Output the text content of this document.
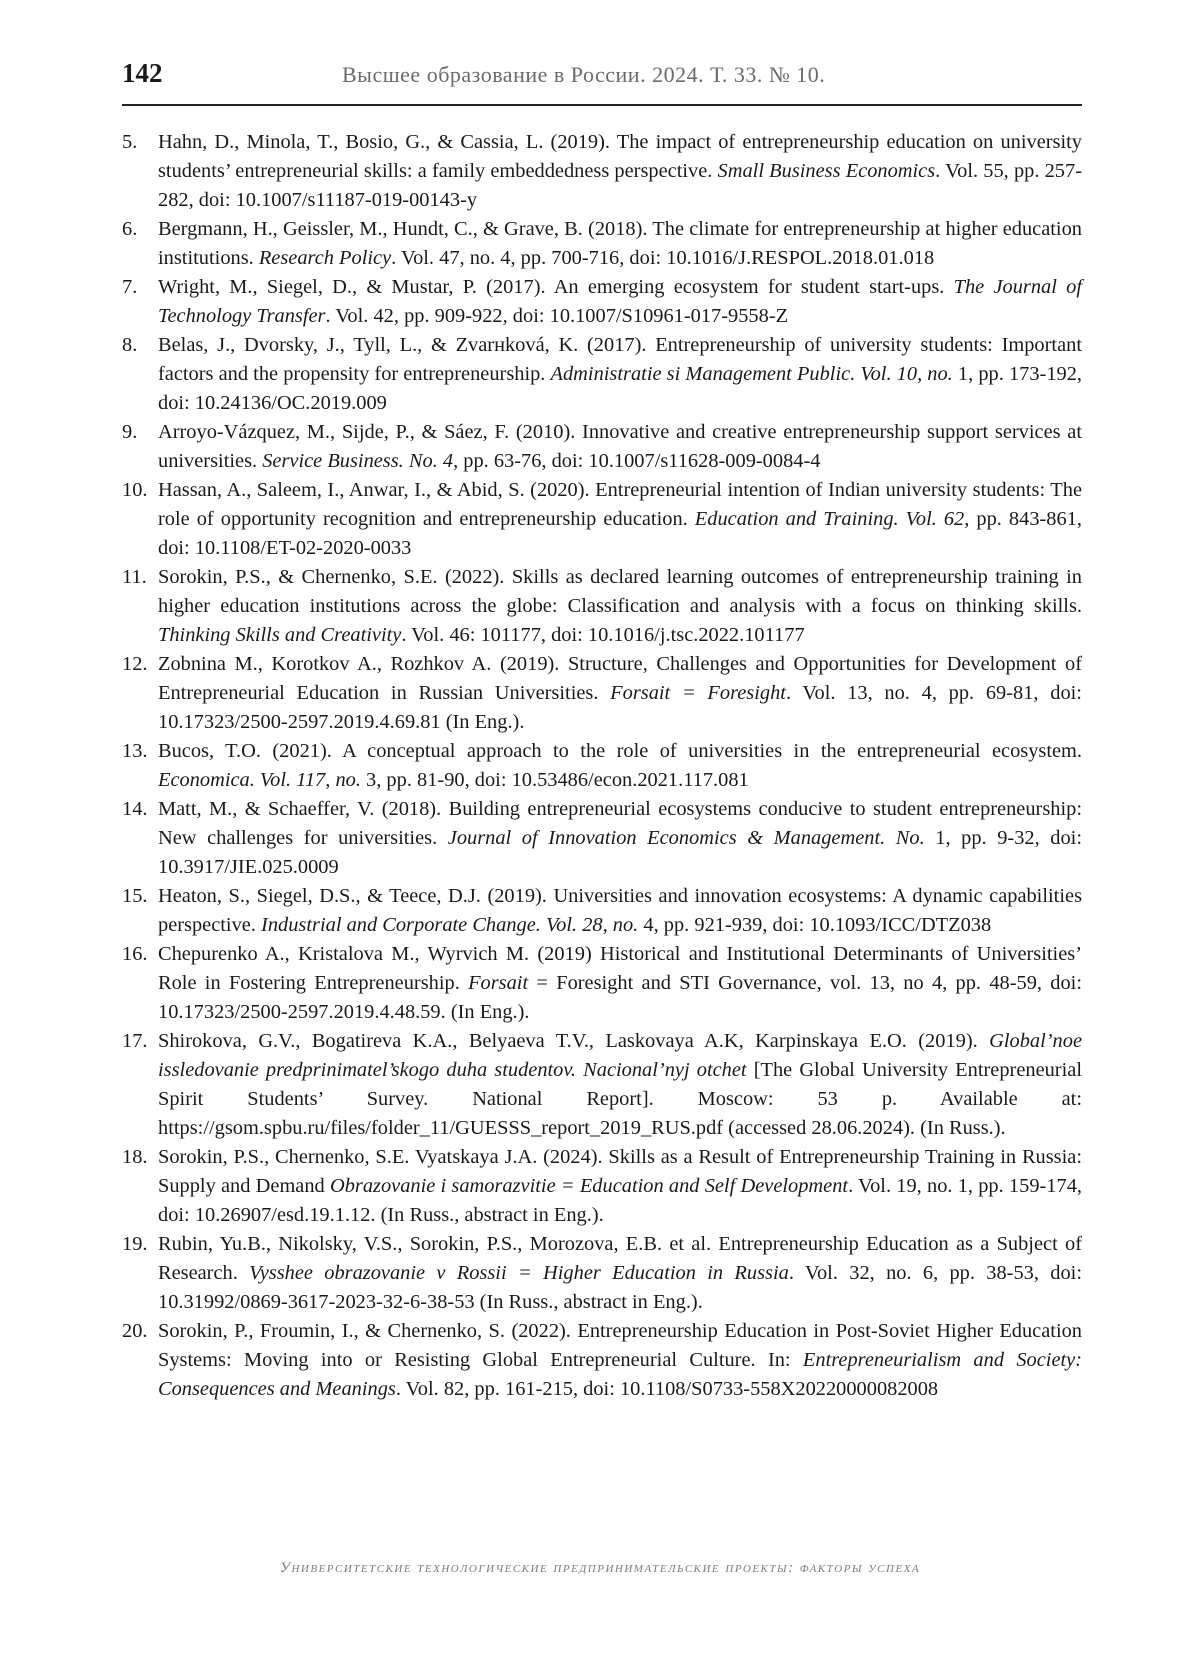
142	Высшее образование в России. 2024. Т. 33. № 10.
5. Hahn, D., Minola, T., Bosio, G., & Cassia, L. (2019). The impact of entrepreneurship education on university students’ entrepreneurial skills: a family embeddedness perspective. Small Business Economics. Vol. 55, pp. 257-282, doi: 10.1007/s11187-019-00143-y
6. Bergmann, H., Geissler, M., Hundt, C., & Grave, B. (2018). The climate for entrepreneurship at higher education institutions. Research Policy. Vol. 47, no. 4, pp. 700-716, doi: 10.1016/J.RESPOL.2018.01.018
7. Wright, M., Siegel, D., & Mustar, P. (2017). An emerging ecosystem for student start-ups. The Journal of Technology Transfer. Vol. 42, pp. 909-922, doi: 10.1007/S10961-017-9558-Z
8. Belas, J., Dvorsky, J., Tyll, L., & Zvarнková, K. (2017). Entrepreneurship of university students: Important factors and the propensity for entrepreneurship. Administratie si Management Public. Vol. 10, no. 1, pp. 173-192, doi: 10.24136/OC.2019.009
9. Arroyo-Vázquez, M., Sijde, P., & Sáez, F. (2010). Innovative and creative entrepreneurship support services at universities. Service Business. No. 4, pp. 63-76, doi: 10.1007/s11628-009-0084-4
10. Hassan, A., Saleem, I., Anwar, I., & Abid, S. (2020). Entrepreneurial intention of Indian university students: The role of opportunity recognition and entrepreneurship education. Education and Training. Vol. 62, pp. 843-861, doi: 10.1108/ET-02-2020-0033
11. Sorokin, P.S., & Chernenko, S.E. (2022). Skills as declared learning outcomes of entrepreneurship training in higher education institutions across the globe: Classification and analysis with a focus on thinking skills. Thinking Skills and Creativity. Vol. 46: 101177, doi: 10.1016/j.tsc.2022.101177
12. Zobnina M., Korotkov A., Rozhkov A. (2019). Structure, Challenges and Opportunities for Development of Entrepreneurial Education in Russian Universities. Forsait = Foresight. Vol. 13, no. 4, pp. 69-81, doi: 10.17323/2500-2597.2019.4.69.81 (In Eng.).
13. Bucos, T.O. (2021). A conceptual approach to the role of universities in the entrepreneurial ecosystem. Economica. Vol. 117, no. 3, pp. 81-90, doi: 10.53486/econ.2021.117.081
14. Matt, M., & Schaeffer, V. (2018). Building entrepreneurial ecosystems conducive to student entrepreneurship: New challenges for universities. Journal of Innovation Economics & Management. No. 1, pp. 9-32, doi: 10.3917/JIE.025.0009
15. Heaton, S., Siegel, D.S., & Teece, D.J. (2019). Universities and innovation ecosystems: A dynamic capabilities perspective. Industrial and Corporate Change. Vol. 28, no. 4, pp. 921-939, doi: 10.1093/ICC/DTZ038
16. Chepurenko A., Kristalova M., Wyrvich M. (2019) Historical and Institutional Determinants of Universities’ Role in Fostering Entrepreneurship. Forsait = Foresight and STI Governance, vol. 13, no 4, pp. 48-59, doi: 10.17323/2500-2597.2019.4.48.59. (In Eng.).
17. Shirokova, G.V., Bogatireva K.A., Belyaeva T.V., Laskovaya A.K, Karpinskaya E.O. (2019). Global’noe issledovanie predprinimatel’skogo duha studentov. Nacional’nyj otchet [The Global University Entrepreneurial Spirit Students’ Survey. National Report]. Moscow: 53 p. Available at: https://gsom.spbu.ru/files/folder_11/GUESSS_report_2019_RUS.pdf (accessed 28.06.2024). (In Russ.).
18. Sorokin, P.S., Chernenko, S.E. Vyatskaya J.A. (2024). Skills as a Result of Entrepreneurship Training in Russia: Supply and Demand Obrazovanie i samorazvitie = Education and Self Development. Vol. 19, no. 1, pp. 159-174, doi: 10.26907/esd.19.1.12. (In Russ., abstract in Eng.).
19. Rubin, Yu.B., Nikolsky, V.S., Sorokin, P.S., Morozova, E.B. et al. Entrepreneurship Education as a Subject of Research. Vysshee obrazovanie v Rossii = Higher Education in Russia. Vol. 32, no. 6, pp. 38-53, doi: 10.31992/0869-3617-2023-32-6-38-53 (In Russ., abstract in Eng.).
20. Sorokin, P., Froumin, I., & Chernenko, S. (2022). Entrepreneurship Education in Post-Soviet Higher Education Systems: Moving into or Resisting Global Entrepreneurial Culture. In: Entrepreneurialism and Society: Consequences and Meanings. Vol. 82, pp. 161-215, doi: 10.1108/S0733-558X20220000082008
Университетские технологические предпринимательские проекты: факторы успеха
